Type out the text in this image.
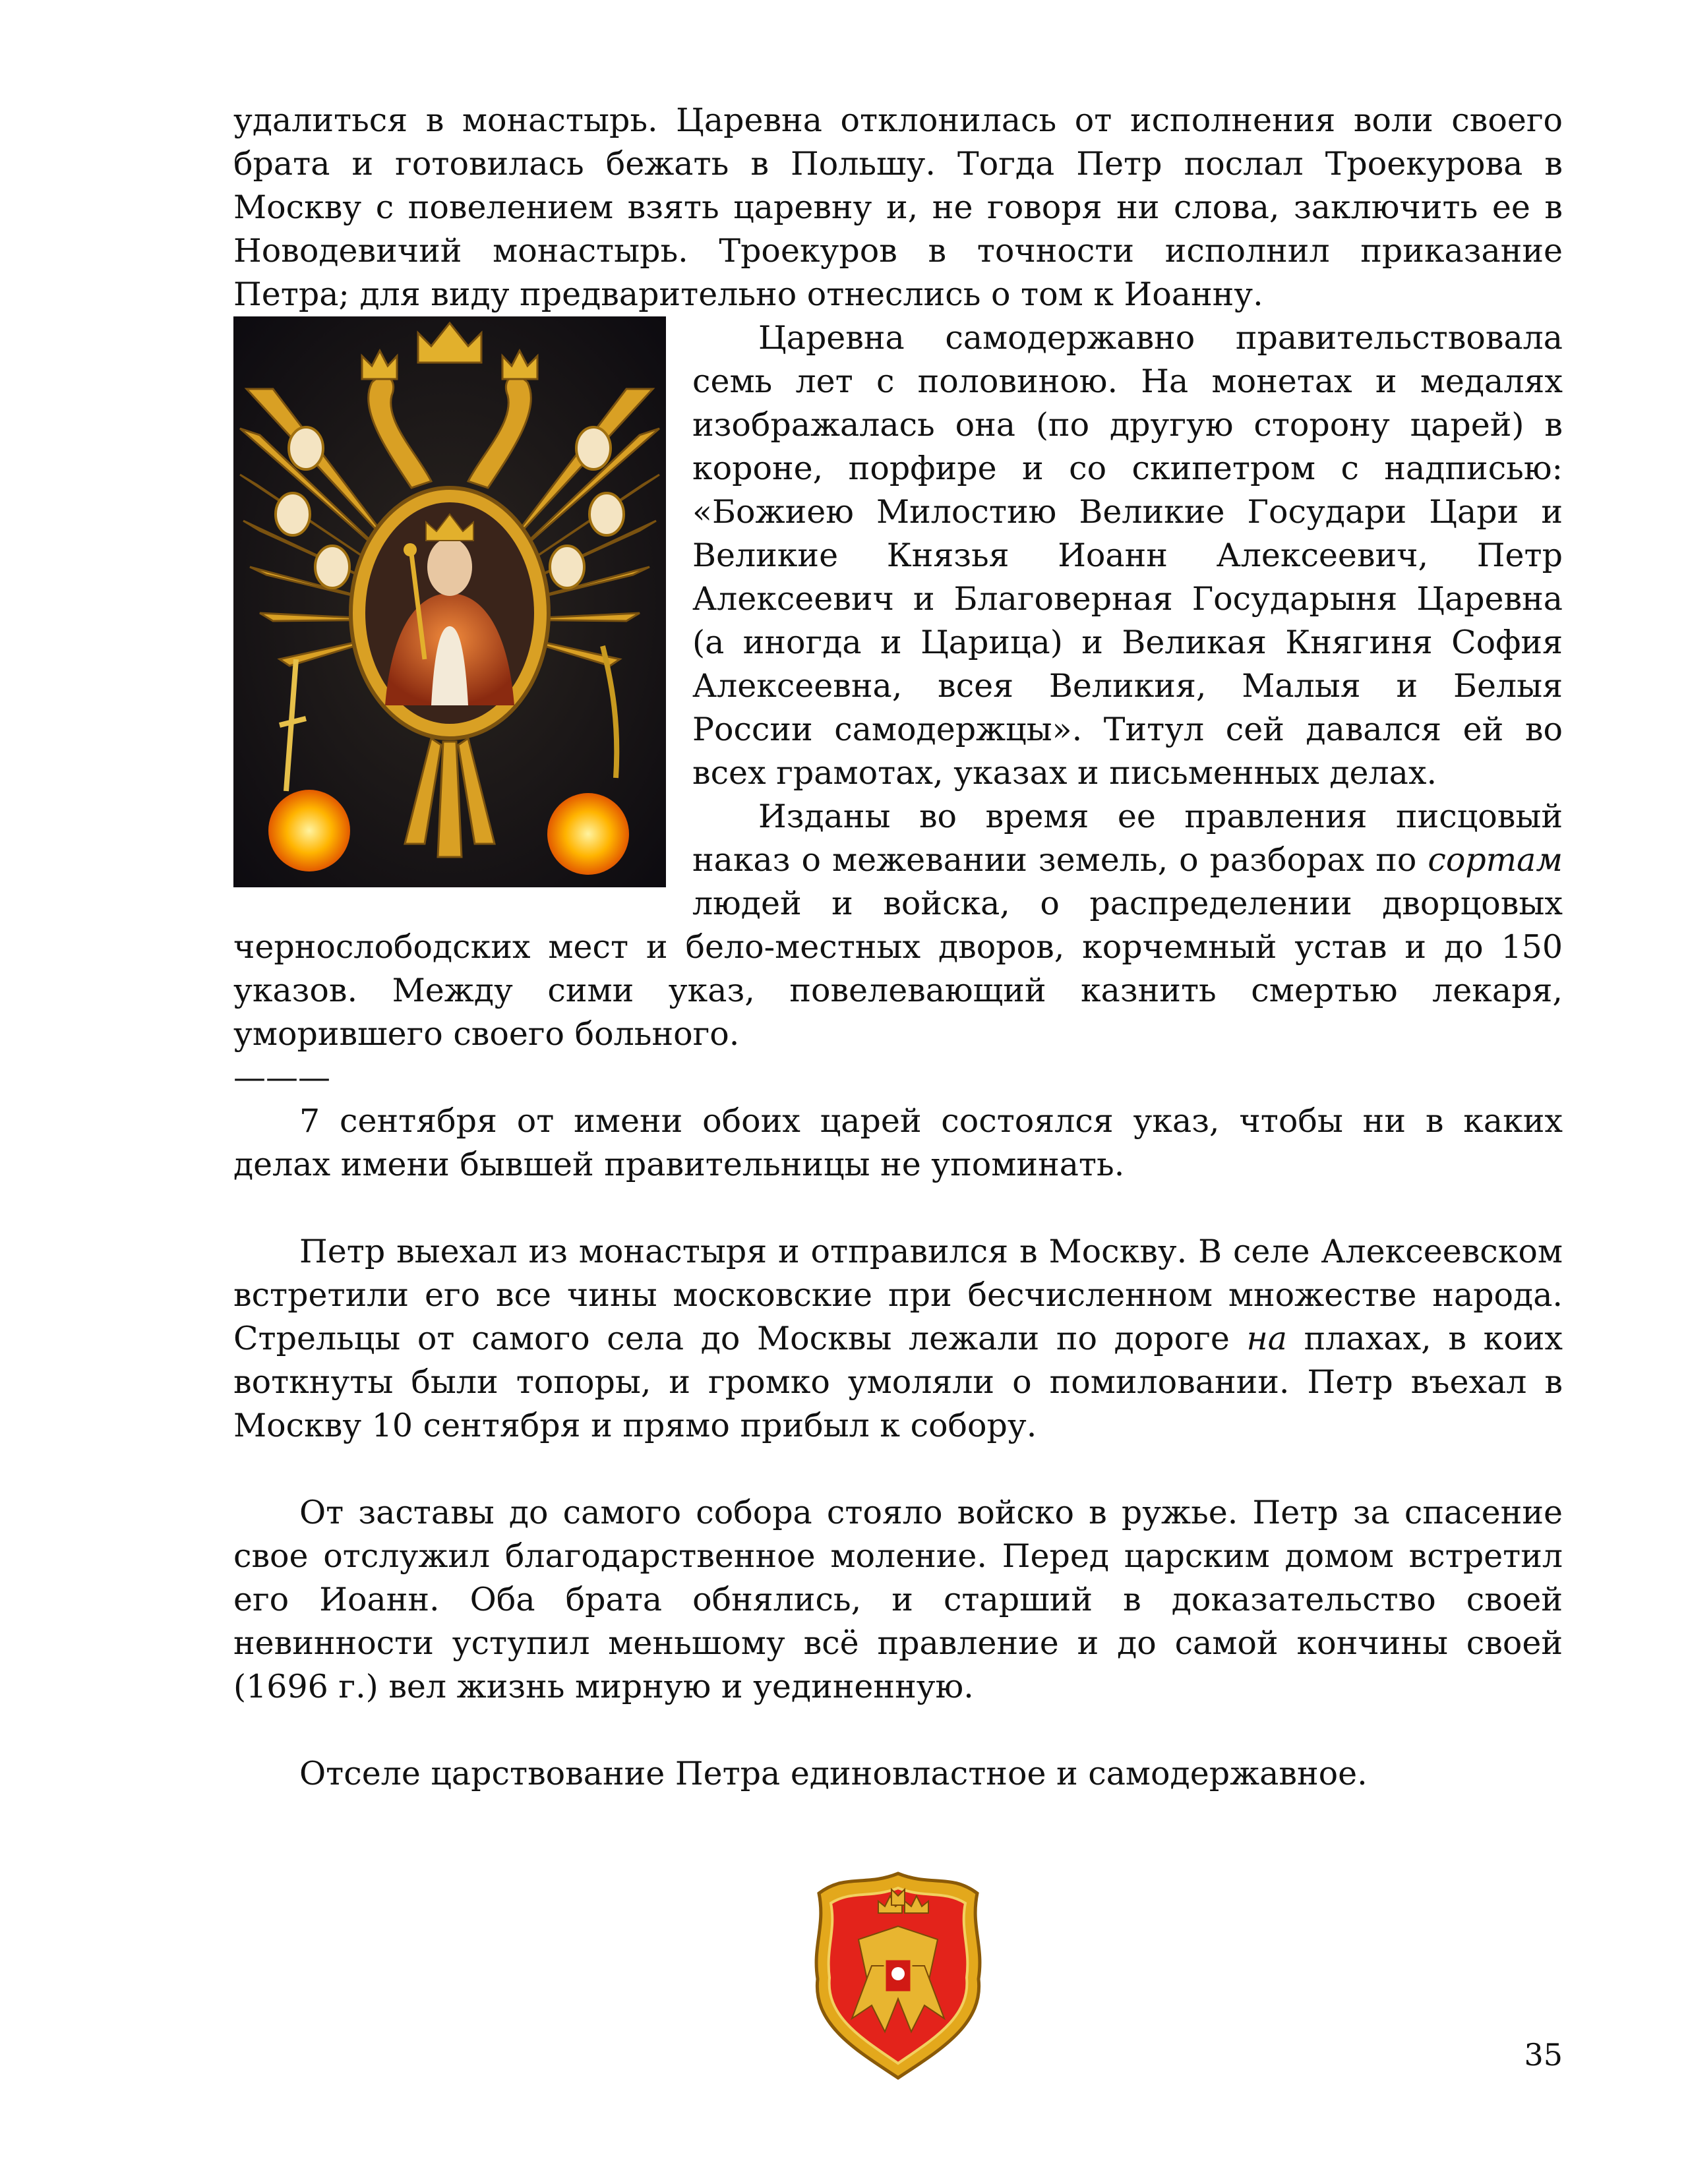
удалиться в монастырь. Царевна отклонилась от исполнения воли своего брата и готовилась бежать в Польшу. Тогда Петр послал Троекурова в Москву с повелением взять царевну и, не говоря ни слова, заключить ее в Новодевичий монастырь. Троекуров в точности исполнил приказание Петра; для виду предварительно отнеслись о том к Иоанну.

Царевна самодержавно правительствовала семь лет с половиною. На монетах и медалях изображалась она (по другую сторону царей) в короне, порфире и со скипетром с надписью: «Божиею Милостию Великие Государи Цари и Великие Князья Иоанн Алексеевич, Петр Алексеевич и Благоверная Государыня Царевна (а иногда и Царица) и Великая Княгиня София Алексеевна, всея Великия, Малыя и Белыя России самодержцы». Титул сей давался ей во всех грамотах, указах и письменных делах.

Изданы во время ее правления писцовый наказ о межевании земель, о разборах по сортам людей и войска, о распределении дворцовых чернослободских мест и бело-местных дворов, корчемный устав и до 150 указов. Между сими указ, повелевающий казнить смертью лекаря, уморившего своего больного.

———

7 сентября от имени обоих царей состоялся указ, чтобы ни в каких делах имени бывшей правительницы не упоминать.

Петр выехал из монастыря и отправился в Москву. В селе Алексеевском встретили его все чины московские при бесчисленном множестве народа. Стрельцы от самого села до Москвы лежали по дороге на плахах, в коих воткнуты были топоры, и громко умоляли о помиловании. Петр въехал в Москву 10 сентября и прямо прибыл к собору.

От заставы до самого собора стояло войско в ружье. Петр за спасение свое отслужил благодарственное моление. Перед царским домом встретил его Иоанн. Оба брата обнялись, и старший в доказательство своей невинности уступил меньшому всё правление и до самой кончины своей (1696 г.) вел жизнь мирную и уединенную.

Отселе царствование Петра единовластное и самодержавное.

35
